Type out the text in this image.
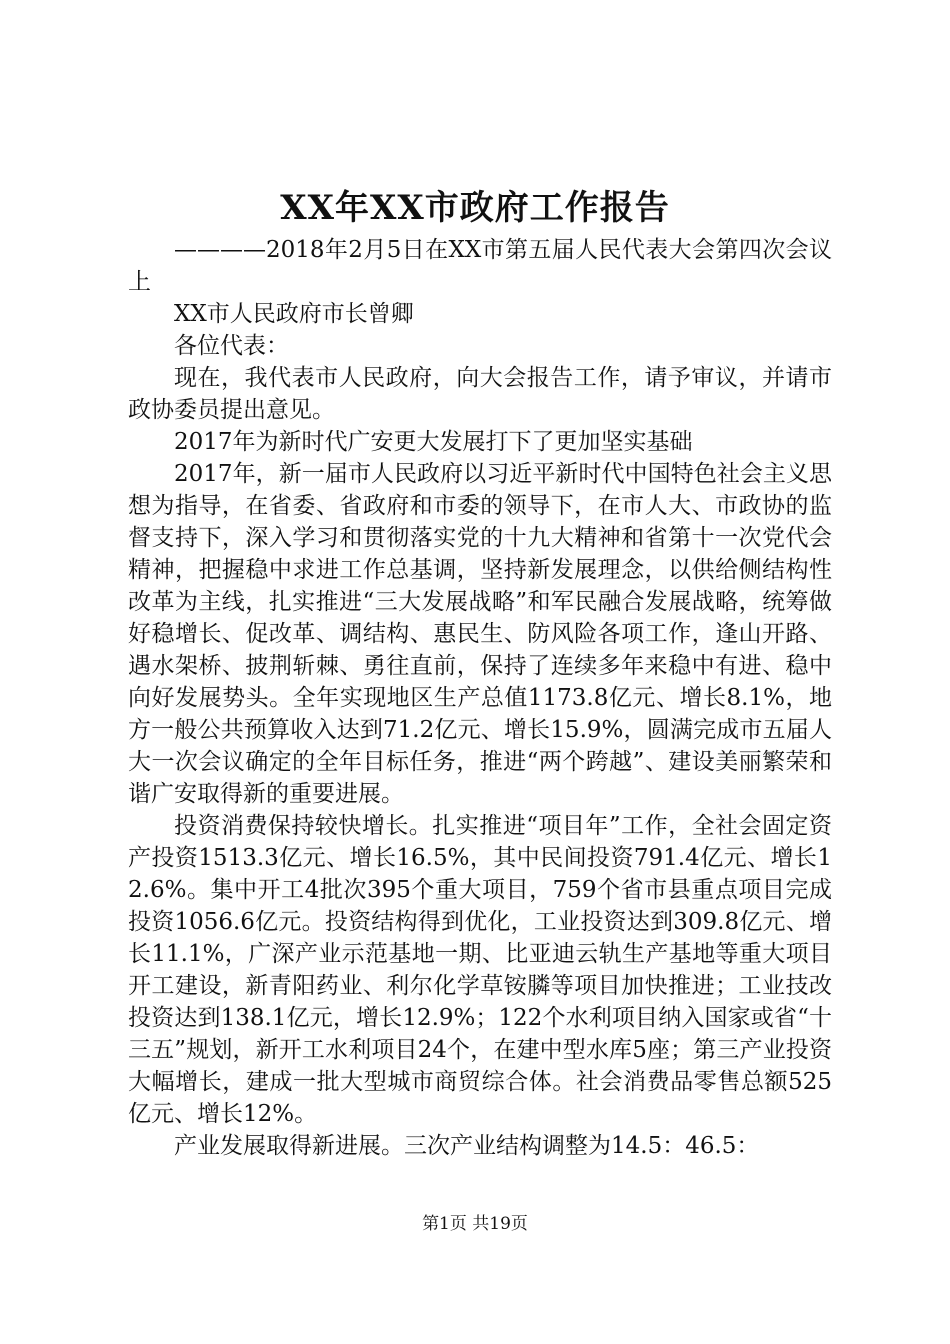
XX年XX市政府工作报告

————2018年2月5日在XX市第五届人民代表大会第四次会议上

XX市人民政府市长曾卿

各位代表：

现在，我代表市人民政府，向大会报告工作，请予审议，并请市政协委员提出意见。

2017年为新时代广安更大发展打下了更加坚实基础

2017年，新一届市人民政府以习近平新时代中国特色社会主义思想为指导，在省委、省政府和市委的领导下，在市人大、市政协的监督支持下，深入学习和贯彻落实党的十九大精神和省第十一次党代会精神，把握稳中求进工作总基调，坚持新发展理念，以供给侧结构性改革为主线，扎实推进“三大发展战略”和军民融合发展战略，统筹做好稳增长、促改革、调结构、惠民生、防风险各项工作，逢山开路、遇水架桥、披荆斩棘、勇往直前，保持了连续多年来稳中有进、稳中向好发展势头。全年实现地区生产总值1173.8亿元、增长8.1%，地方一般公共预算收入达到71.2亿元、增长15.9%，圆满完成市五届人大一次会议确定的全年目标任务，推进“两个跨越”、建设美丽繁荣和谐广安取得新的重要进展。

投资消费保持较快增长。扎实推进“项目年”工作，全社会固定资产投资1513.3亿元、增长16.5%，其中民间投资791.4亿元、增长12.6%。集中开工4批次395个重大项目，759个省市县重点项目完成投资1056.6亿元。投资结构得到优化，工业投资达到309.8亿元、增长11.1%，广深产业示范基地一期、比亚迪云轨生产基地等重大项目开工建设，新青阳药业、利尔化学草铵膦等项目加快推进；工业技改投资达到138.1亿元，增长12.9%；122个水利项目纳入国家或省“十三五”规划，新开工水利项目24个，在建中型水库5座；第三产业投资大幅增长，建成一批大型城市商贸综合体。社会消费品零售总额525亿元、增长12%。

产业发展取得新进展。三次产业结构调整为14.5：46.5：

第1页 共19页
